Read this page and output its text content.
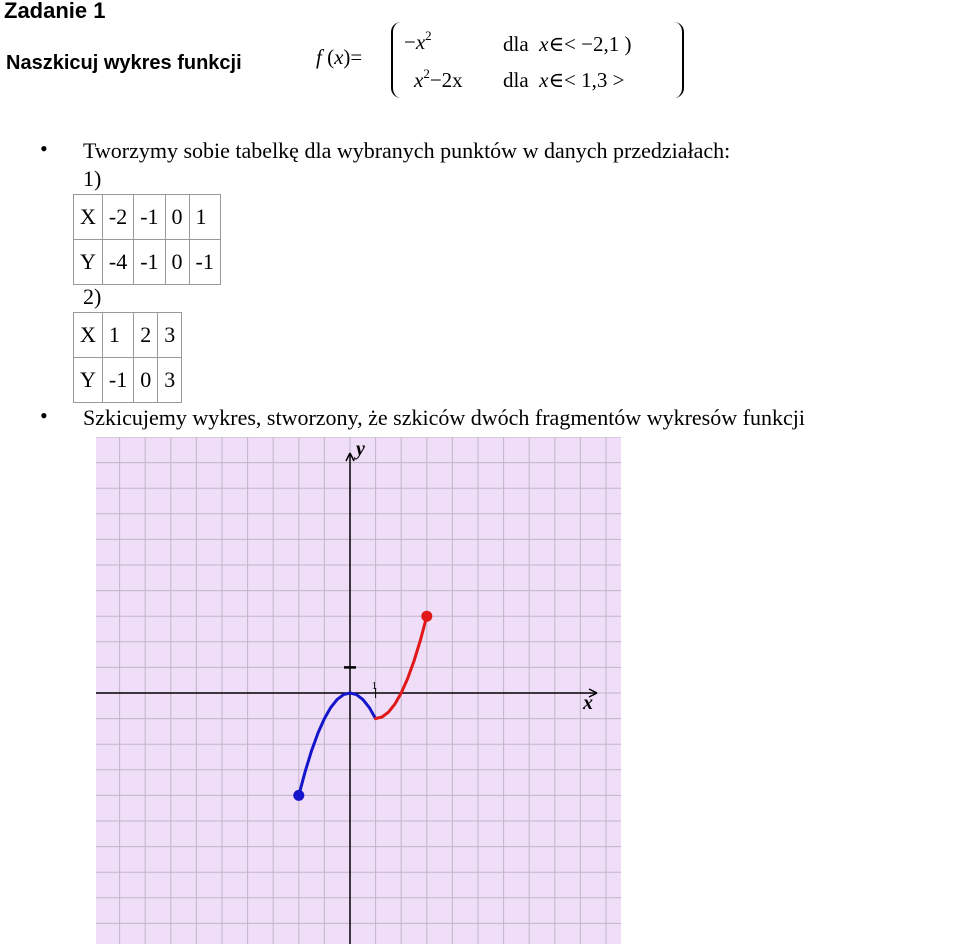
Zadanie 1
Naszkicuj wykres funkcji	f (x)=
$-x^2$	dla x∈< −2,1 )
$x^2-2x$ dla x∈< 1,3 >
• Tworzymy sobie tabelkę dla wybranych punktów w danych przedziałach:
1)
X	-2	-1	0	1

Y	-4	-1	0	-1
2)
X	1	2	3

Y	-1	0	3
• Szkicujemy wykres, stworzony, że szkiców dwóch fragmentów wykresów funkcji
x
y
1
